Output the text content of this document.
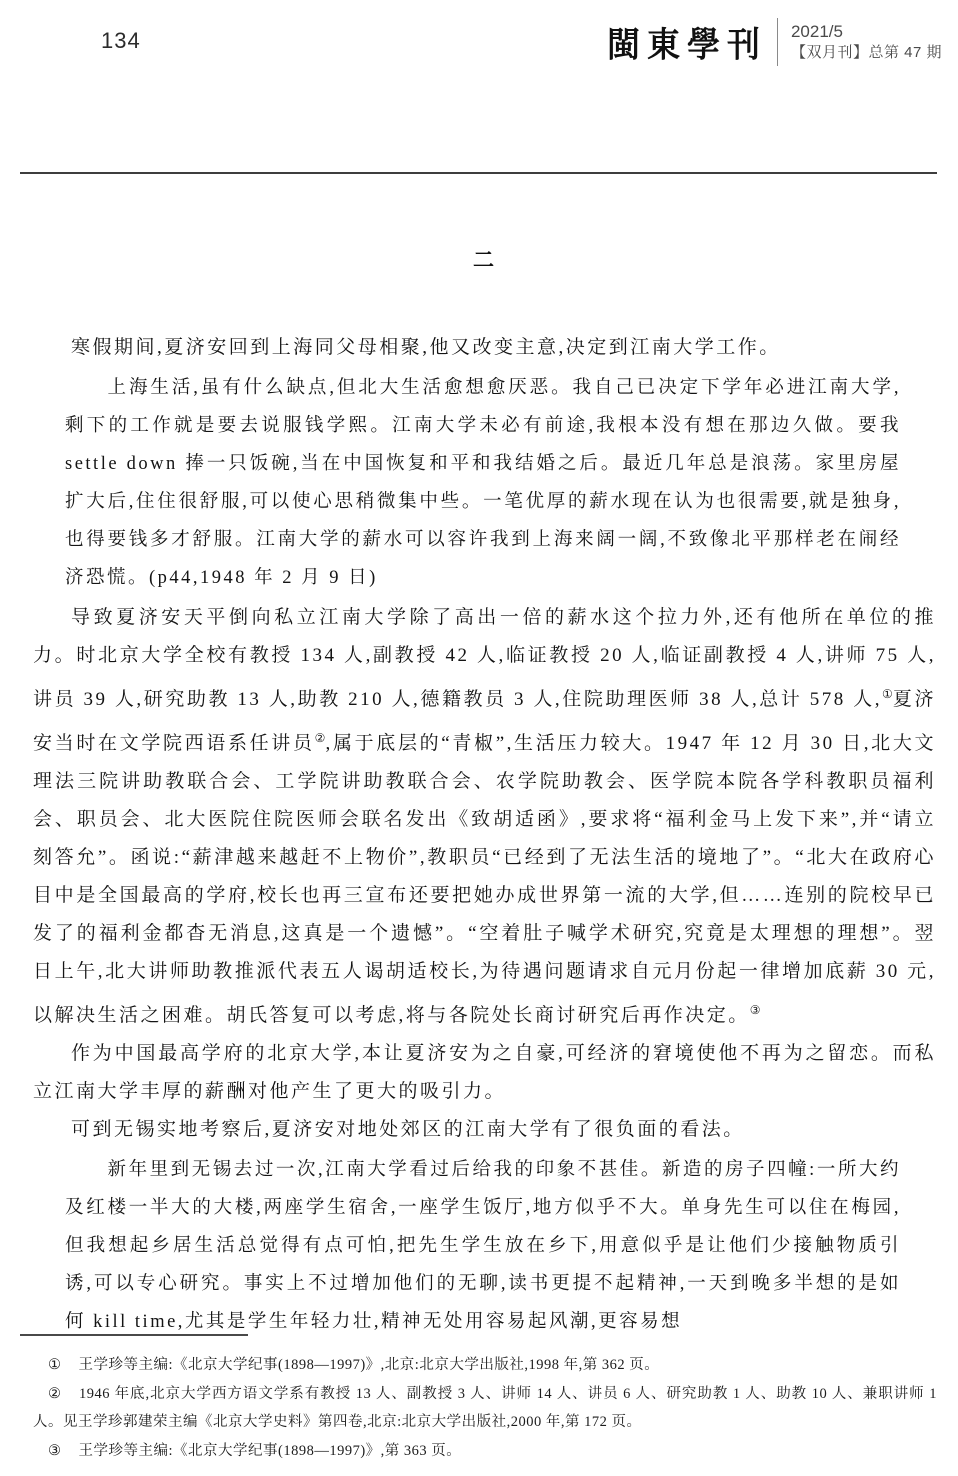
134	閩東學刊 2021/5
【双月刊】总第 47 期
二

寒假期间,夏济安回到上海同父母相聚,他又改变主意,决定到江南大学工作。

上海生活,虽有什么缺点,但北大生活愈想愈厌恶。我自己已决定下学年必进江南大学,剩下的工作就是要去说服钱学熙。江南大学未必有前途,我根本没有想在那边久做。要我 settle down 捧一只饭碗,当在中国恢复和平和我结婚之后。最近几年总是浪荡。家里房屋扩大后,住住很舒服,可以使心思稍微集中些。一笔优厚的薪水现在认为也很需要,就是独身,也得要钱多才舒服。江南大学的薪水可以容许我到上海来阔一阔,不致像北平那样老在闹经济恐慌。(p44,1948 年 2 月 9 日)

导致夏济安天平倒向私立江南大学除了高出一倍的薪水这个拉力外,还有他所在单位的推力。时北京大学全校有教授 134 人,副教授 42 人,临证教授 20 人,临证副教授 4 人,讲师 75 人,讲员 39 人,研究助教 13 人,助教 210 人,德籍教员 3 人,住院助理医师 38 人,总计 578 人,①夏济安当时在文学院西语系任讲员②,属于底层的“青椒”,生活压力较大。1947 年 12 月 30 日,北大文理法三院讲助教联合会、工学院讲助教联合会、农学院助教会、医学院本院各学科教职员福利会、职员会、北大医院住院医师会联名发出《致胡适函》,要求将“福利金马上发下来”,并“请立刻答允”。函说:“薪津越来越赶不上物价”,教职员“已经到了无法生活的境地了”。“北大在政府心目中是全国最高的学府,校长也再三宣布还要把她办成世界第一流的大学,但……连别的院校早已发了的福利金都杳无消息,这真是一个遗憾”。“空着肚子喊学术研究,究竟是太理想的理想”。翌日上午,北大讲师助教推派代表五人谒胡适校长,为待遇问题请求自元月份起一律增加底薪 30 元,以解决生活之困难。胡氏答复可以考虑,将与各院处长商讨研究后再作决定。③

作为中国最高学府的北京大学,本让夏济安为之自豪,可经济的窘境使他不再为之留恋。而私立江南大学丰厚的薪酬对他产生了更大的吸引力。

可到无锡实地考察后,夏济安对地处郊区的江南大学有了很负面的看法。

新年里到无锡去过一次,江南大学看过后给我的印象不甚佳。新造的房子四幢:一所大约及红楼一半大的大楼,两座学生宿舍,一座学生饭厅,地方似乎不大。单身先生可以住在梅园,但我想起乡居生活总觉得有点可怕,把先生学生放在乡下,用意似乎是让他们少接触物质引诱,可以专心研究。事实上不过增加他们的无聊,读书更提不起精神,一天到晚多半想的是如何 kill time,尤其是学生年轻力壮,精神无处用容易起风潮,更容易想

① 王学珍等主编:《北京大学纪事(1898—1997)》,北京:北京大学出版社,1998 年,第 362 页。

② 1946 年底,北京大学西方语文学系有教授 13 人、副教授 3 人、讲师 14 人、讲员 6 人、研究助教 1 人、助教 10 人、兼职讲师 1 人。见王学珍郭建荣主编《北京大学史料》第四卷,北京:北京大学出版社,2000 年,第 172 页。

③ 王学珍等主编:《北京大学纪事(1898—1997)》,第 363 页。
